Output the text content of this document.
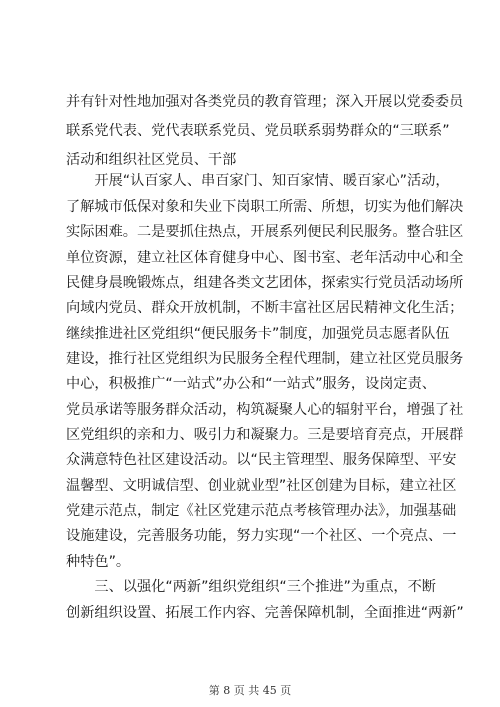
并有针对性地加强对各类党员的教育管理；深入开展以党委委员
联系党代表、党代表联系党员、党员联系弱势群众的“三联系”
活动和组织社区党员、干部
　　开展“认百家人、串百家门、知百家情、暖百家心”活动，
了解城市低保对象和失业下岗职工所需、所想，切实为他们解决
实际困难。二是要抓住热点，开展系列便民利民服务。整合驻区
单位资源，建立社区体育健身中心、图书室、老年活动中心和全
民健身晨晚锻炼点，组建各类文艺团体，探索实行党员活动场所
向域内党员、群众开放机制，不断丰富社区居民精神文化生活；
继续推进社区党组织“便民服务卡”制度，加强党员志愿者队伍
建设，推行社区党组织为民服务全程代理制，建立社区党员服务
中心，积极推广“一站式”办公和“一站式”服务，设岗定责、
党员承诺等服务群众活动，构筑凝聚人心的辐射平台，增强了社
区党组织的亲和力、吸引力和凝聚力。三是要培育亮点，开展群
众满意特色社区建设活动。以“民主管理型、服务保障型、平安
温馨型、文明诚信型、创业就业型”社区创建为目标，建立社区
党建示范点，制定《社区党建示范点考核管理办法》，加强基础
设施建设，完善服务功能，努力实现“一个社区、一个亮点、一
种特色”。
　　三、以强化“两新”组织党组织“三个推进”为重点，不断
创新组织设置、拓展工作内容、完善保障机制，全面推进“两新”
第 8 页 共 45 页
